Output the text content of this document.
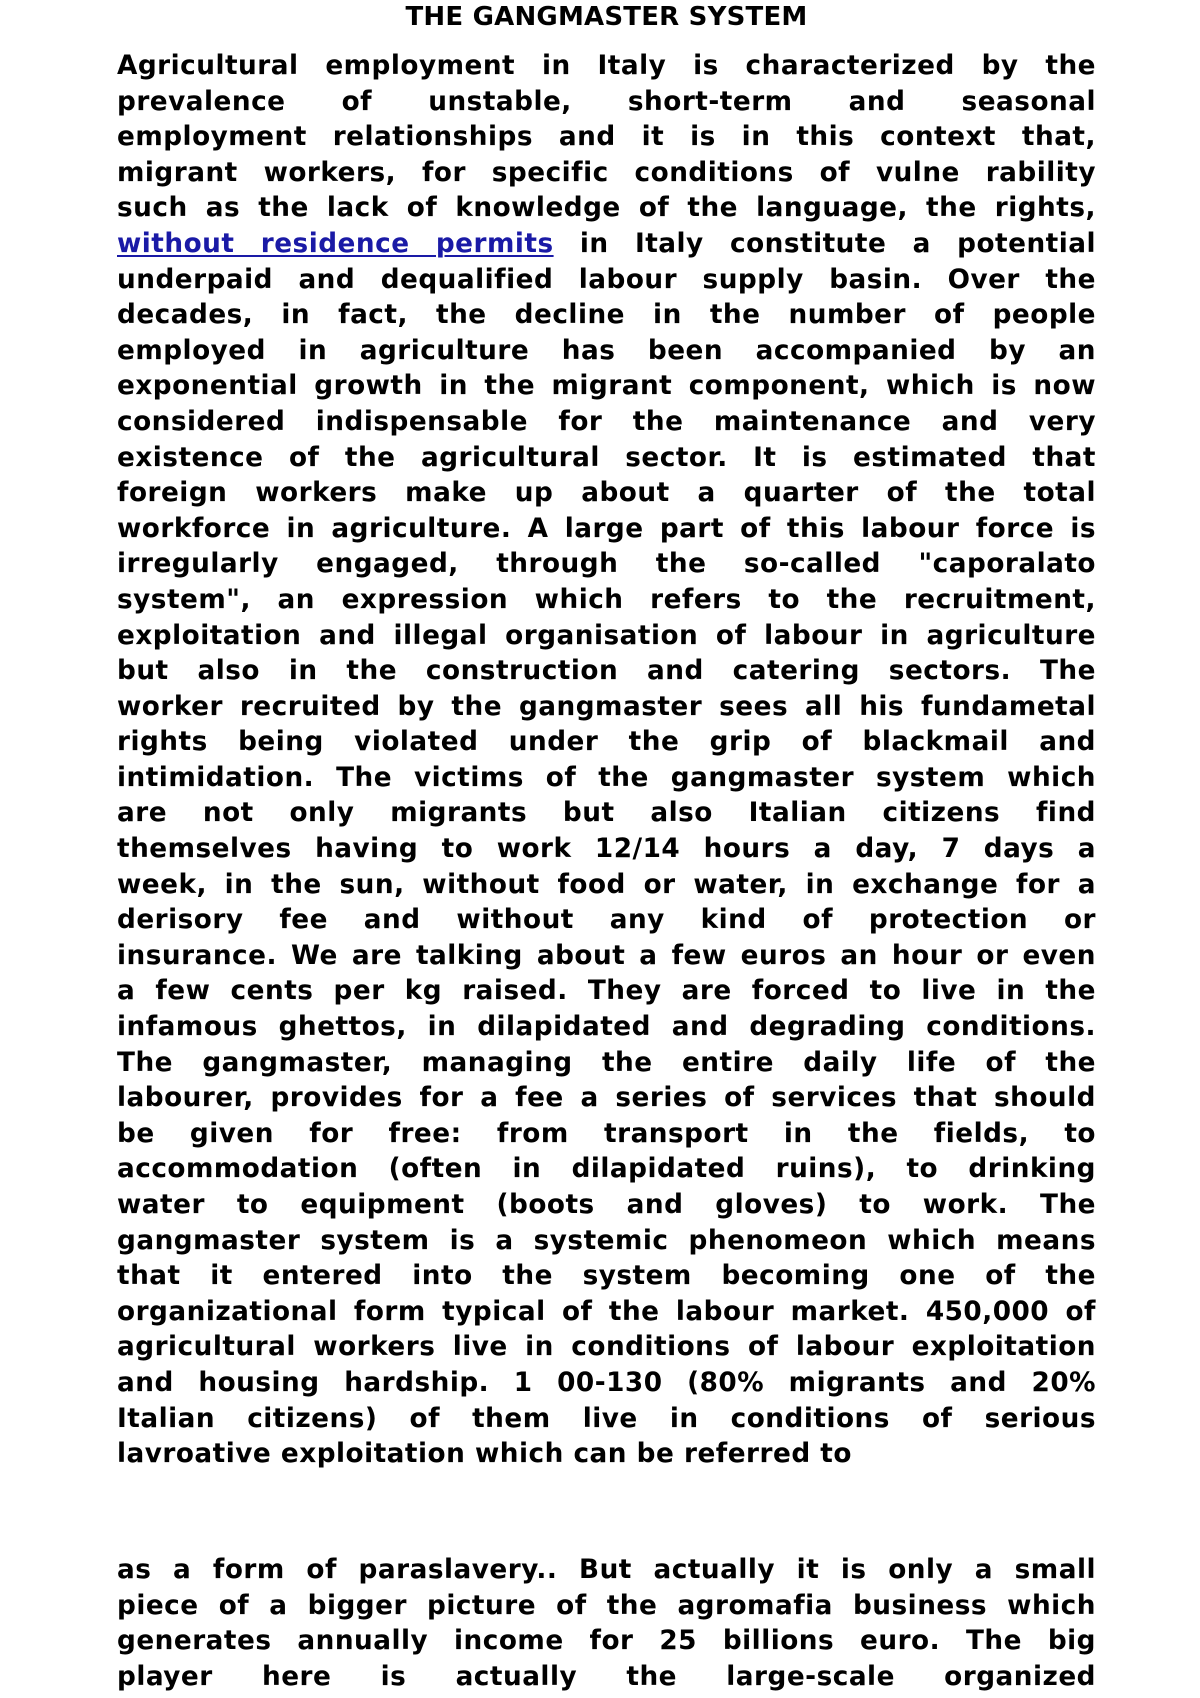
THE GANGMASTER SYSTEM
Agricultural employment in Italy is characterized by the
prevalence of unstable, short-term and seasonal
employment relationships and it is in this context that,
migrant workers, for specific conditions of vulne rability
such as the lack of knowledge of the language, the rights,
without residence permits in Italy constitute a potential
underpaid and dequalified labour supply basin. Over the
decades, in fact, the decline in the number of people
employed in agriculture has been accompanied by an
exponential growth in the migrant component, which is now
considered indispensable for the maintenance and very
existence of the agricultural sector. It is estimated that
foreign workers make up about a quarter of the total
workforce in agriculture. A large part of this labour force is
irregularly engaged, through the so-called "caporalato
system", an expression which refers to the recruitment,
exploitation and illegal organisation of labour in agriculture
but also in the construction and catering sectors. The
worker recruited by the gangmaster sees all his fundametal
rights being violated under the grip of blackmail and
intimidation. The victims of the gangmaster system which
are not only migrants but also Italian citizens find
themselves having to work 12/14 hours a day, 7 days a
week, in the sun, without food or water, in exchange for a
derisory fee and without any kind of protection or
insurance. We are talking about a few euros an hour or even
a few cents per kg raised. They are forced to live in the
infamous ghettos, in dilapidated and degrading conditions.
The gangmaster, managing the entire daily life of the
labourer, provides for a fee a series of services that should
be given for free: from transport in the fields, to
accommodation (often in dilapidated ruins), to drinking
water to equipment (boots and gloves) to work. The
gangmaster system is a systemic phenomeon which means
that it entered into the system becoming one of the
organizational form typical of the labour market. 450,000 of
agricultural workers live in conditions of labour exploitation
and housing hardship. 1 00-130 (80% migrants and 20%
Italian citizens) of them live in conditions of serious
lavroative exploitation which can be referred to
as a form of paraslavery.. But actually it is only a small
piece of a bigger picture of the agromafia business which
generates annually income for 25 billions euro. The big
player here is actually the large-scale organized
